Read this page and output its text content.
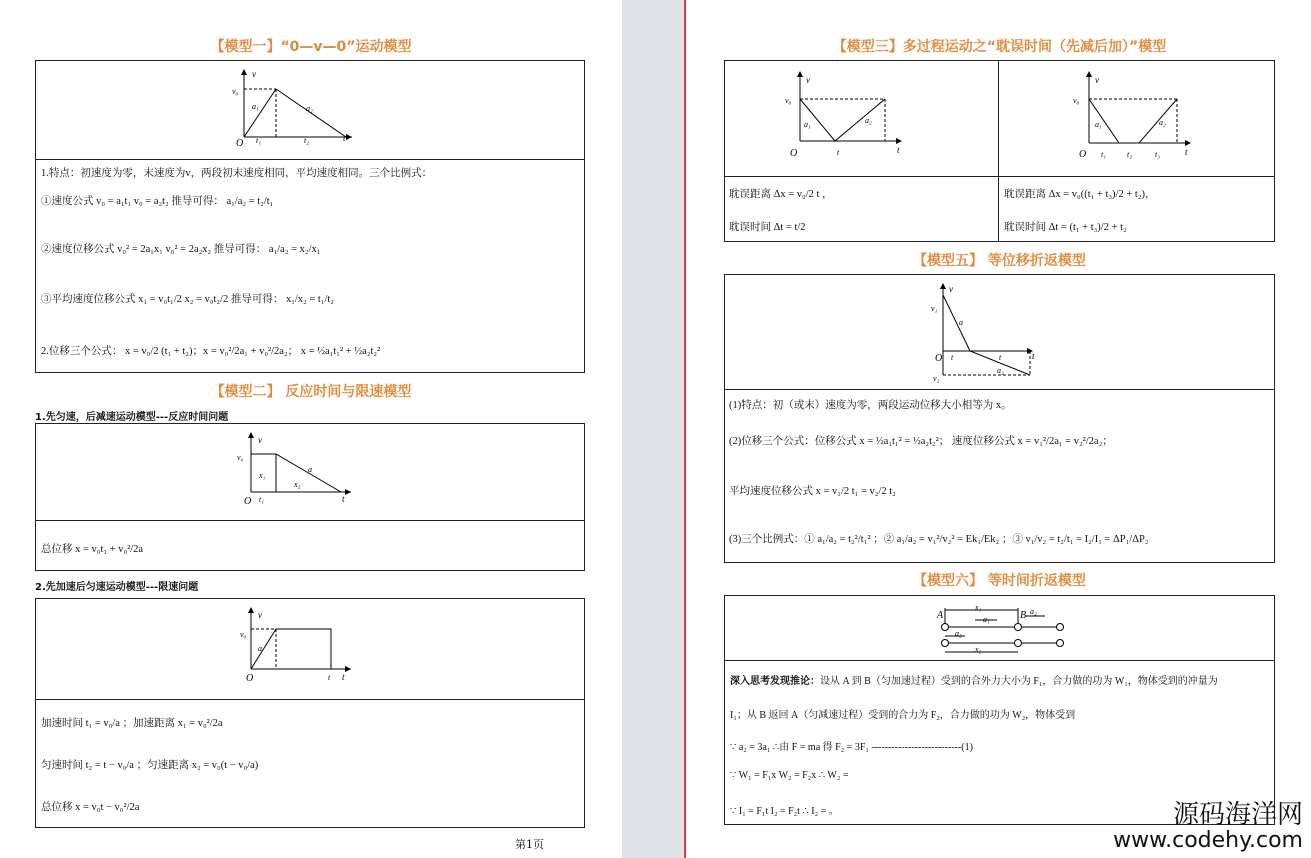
【模型一】“0—v—0”运动模型
v
v₀
a₁	a₂
O t₁	t₂	t
1.特点：初速度为零，末速度为v，两段初末速度相同，平均速度相同。三个比例式：
①速度公式 v₀ = a₁t₁ v₀ = a₂t₂ 推导可得： a₁/a₂ = t₂/t₁
②速度位移公式 v₀² = 2a₁x₁ v₀² = 2a₂x₂ 推导可得： a₁/a₂ = x₂/x₁
③平均速度位移公式 x₁ = v₀t₁/2 x₂ = v₀t₂/2 推导可得： x₁/x₂ = t₁/t₂
2.位移三个公式： x = v₀/2 (t₁ + t₂)；x = v₀²/2a₁ + v₀²/2a₂； x = ½a₁t₁² + ½a₂t₂²
【模型二】 反应时间与限速模型
1.先匀速，后减速运动模型---反应时间问题
v
v₀
x₁
x₂
a
O t₁	t
总位移 x = v₀t₁ + v₀²/2a
2.先加速后匀速运动模型---限速问题
v
v₀
a
O	t t
加速时间 t₁ = v₀/a ；加速距离 x₁ = v₀²/2a
匀速时间 t₂ = t − v₀/a ；匀速距离 x₂ = v₀(t − v₀/a)
总位移 x = v₀t − v₀²/2a
第1页
【模型三】多过程运动之“耽误时间（先减后加）”模型
v
v₀
a₁	a₂
O	t	t
v
v₀
a₁	a₂
O t₁	t₂	t₃	t
耽误距离 Δx = v₀/2 t ，
耽误时间 Δt = t/2
耽误距离 Δx = v₀((t₁ + t₃)/2 + t₂)，
耽误时间 Δt = (t₁ + t₃)/2 + t₂
【模型五】 等位移折返模型
v
v₁
a
O t	t
a₂
t
v₂
(1)特点：初（或末）速度为零，两段运动位移大小相等为 x。
(2)位移三个公式：位移公式 x = ½a₁t₁² = ½a₂t₂²； 速度位移公式 x = v₁²/2a₁ = v₂²/2a₂；
平均速度位移公式 x = v₁/2 t₁ = v₂/2 t₂
(3)三个比例式：① a₁/a₂ = t₂²/t₁² ；② a₁/a₂ = v₁²/v₂² = Ek₁/Ek₂ ；③ v₁/v₂ = t₂/t₁ = I₂/I₁ = ΔP₁/ΔP₂
【模型六】 等时间折返模型
A	B
x₁
a₁
a₂
a₂
x₂
深入思考发现推论：设从 A 到 B（匀加速过程）受到的合外力大小为 F₁，合力做的功为 W₁，物体受到的冲量为
I₁；从 B 返回 A（匀减速过程）受到的合力为 F₂，合力做的功为 W₂，物体受到
∵ a₂ = 3a₁ ∴由 F = ma 得 F₂ = 3F₁ ---------------------------(1)
∵ W₁ = F₁x W₂ = F₂x ∴ W₂ =
∵ I₁ = F₁t I₂ = F₂t ∴ I₂ = 。	源码海洋网
www.codehy.com
